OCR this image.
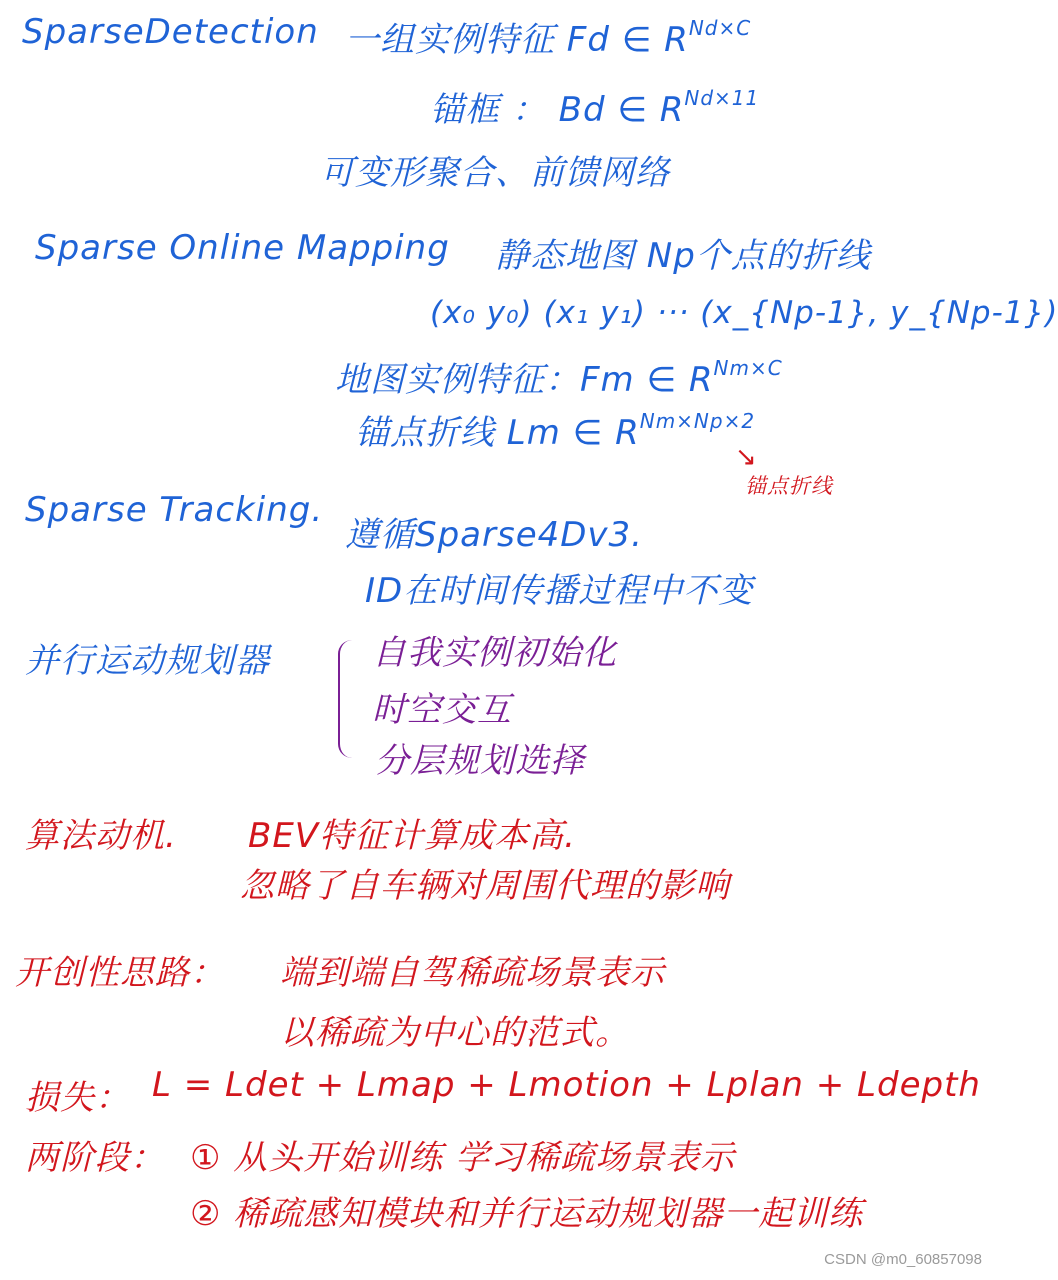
SparseDetection 一组实例特征 Fd ∈ $R^{Nd\times C}$
锚框 ： Bd ∈ $R^{Nd\times 11}$
可变形聚合、前馈网络
Sparse Online Mapping 静态地图 Np个点的折线
(x₀ y₀) (x₁ y₁) ··· (x_{Np-1}, y_{Np-1})
地图实例特征：Fm ∈ $R^{Nm\times C}$
锚点折线 Lm ∈ $R^{Nm\times Np\times 2}$
↘
锚点折线
Sparse Tracking.
遵循Sparse4Dv3.
ID在时间传播过程中不变
并行运动规划器	自我实例初始化
时空交互
分层规划选择
算法动机. BEV特征计算成本高.
忽略了自车辆对周围代理的影响
开创性思路： 端到端自驾稀疏场景表示
以稀疏为中心的范式。
损失： L = Ldet + Lmap + Lmotion + Lplan + Ldepth
两阶段： ① 从头开始训练 学习稀疏场景表示
② 稀疏感知模块和并行运动规划器一起训练
CSDN @m0_60857098
